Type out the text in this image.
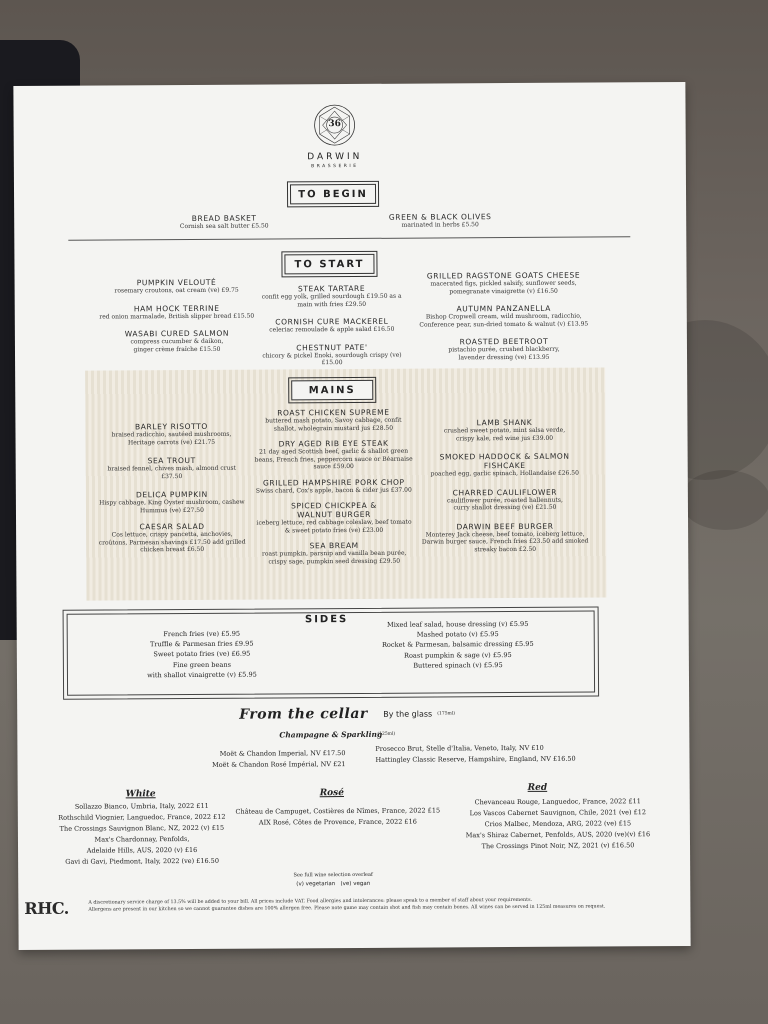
36
DARWIN
BRASSERIE
TO BEGIN
BREAD BASKET
Cornish sea salt butter £5.50
GREEN & BLACK OLIVES
marinated in herbs £5.50
TO START
PUMPKIN VELOUTÉ
rosemary croutons, oat cream (ve) £9.75
HAM HOCK TERRINE
red onion marmalade, British slipper bread £15.50
WASABI CURED SALMON
compress cucumber & daikon, ginger crème fraîche £15.50
STEAK TARTARE
confit egg yolk, grilled sourdough £19.50 as a main with fries £29.50
CORNISH CURE MACKEREL
celeriac remoulade & apple salad £16.50
CHESTNUT PATE'
chicory & pickel Enoki, sourdough crispy (ve) £15.00
GRILLED RAGSTONE GOATS CHEESE
macerated figs, pickled salsify, sunflower seeds, pomegranate vinaigrette (v) £16.50
AUTUMN PANZANELLA
Bishop Cropwell cream, wild mushroom, radicchio, Conference pear, sun-dried tomato & walnut (v) £13.95
ROASTED BEETROOT
pistachio purée, crushed blackberry, lavender dressing (ve) £13.95
MAINS
BARLEY RISOTTO
braised radicchio, sautéed mushrooms, Heritage carrots (ve) £21.75
SEA TROUT
braised fennel, chives mash, almond crust £37.50
DELICA PUMPKIN
Hispy cabbage, King Oyster mushroom, cashew Hummus (ve) £27.50
CAESAR SALAD
Cos lettuce, crispy pancetta, anchovies, croûtons, Parmesan shavings £17.50 add grilled chicken breast £6.50
ROAST CHICKEN SUPREME
buttered mash potato, Savoy cabbage, confit shallot, wholegrain mustard jus £28.50
DRY AGED RIB EYE STEAK
21 day aged Scottish beef, garlic & shallot green beans, French fries, peppercorn sauce or Béarnaise sauce £59.00
GRILLED HAMPSHIRE PORK CHOP
Swiss chard, Cox's apple, bacon & cider jus £37.00
SPICED CHICKPEA & WALNUT BURGER
iceberg lettuce, red cabbage coleslaw, beef tomato & sweet potato fries (ve) £23.00
SEA BREAM
roast pumpkin, parsnip and vanilla bean purée, crispy sage, pumpkin seed dressing £29.50
LAMB SHANK
crushed sweet potato, mint salsa verde, crispy kale, red wine jus £39.00
SMOKED HADDOCK & SALMON FISHCAKE
poached egg, garlic spinach, Hollandaise £26.50
CHARRED CAULIFLOWER
cauliflower purée, roasted hallennuts, curry shallot dressing (ve) £21.50
DARWIN BEEF BURGER
Monterey Jack cheese, beef tomato, iceberg lettuce, Darwin burger sauce, French fries £23.50 add smoked streaky bacon £2.50
SIDES
French fries (ve) £5.95
Truffle & Parmesan fries £9.95
Sweet potato fries (ve) £6.95
Fine green beans
with shallot vinaigrette (v) £5.95
Mixed leaf salad, house dressing (v) £5.95
Mashed potato (v) £5.95
Rocket & Parmesan, balsamic dressing £5.95
Roast pumpkin & sage (v) £5.95
Buttered spinach (v) £5.95
From the cellar By the glass (175ml)
Champagne & Sparkling
(125ml)
Moët & Chandon Imperial, NV £17.50
Moët & Chandon Rosé Impérial, NV £21
Prosecco Brut, Stelle d'Italia, Veneto, Italy, NV £10
Hattingley Classic Reserve, Hampshire, England, NV £16.50
White
Sollazzo Bianco, Umbria, Italy, 2022 £11
Rothschild Viognier, Languedoc, France, 2022 £12
The Crossings Sauvignon Blanc, NZ, 2022 (v) £15
Max's Chardonnay, Penfolds,
Adelaide Hills, AUS, 2020 (v) £16
Gavi di Gavi, Piedmont, Italy, 2022 (ve) £16.50
Rosé
Château de Campuget, Costières de Nîmes, France, 2022 £15
AIX Rosé, Côtes de Provence, France, 2022 £16
Red
Chevanceau Rouge, Languedoc, France, 2022 £11
Los Vascos Cabernet Sauvignon, Chile, 2021 (ve) £12
Crios Malbec, Mendoza, ARG, 2022 (ve) £15
Max's Shiraz Cabernet, Penfolds, AUS, 2020 (ve)(v) £16
The Crossings Pinot Noir, NZ, 2021 (v) £16.50
See full wine selection overleaf
(v) vegetarian   (ve) vegan
RHC.	A discretionary service charge of 13.5% will be added to your bill. All prices include VAT. Food allergies and intolerances: please speak to a member of staff about your requirements.
Allergens are present in our kitchen so we cannot guarantee dishes are 100% allergen free. Please note game may contain shot and fish may contain bones. All wines can be served in 125ml measures on request.
